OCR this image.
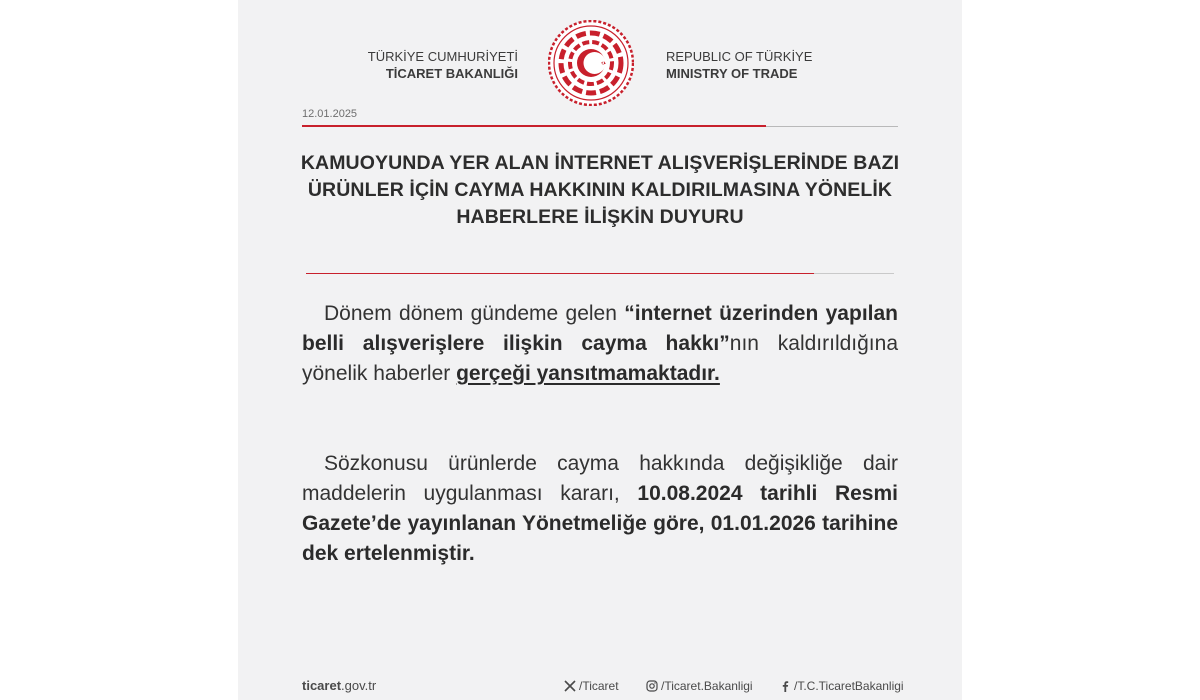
TÜRKİYE CUMHURİYETİ
TİCARET BAKANLIĞI
REPUBLIC OF TÜRKİYE
MINISTRY OF TRADE
12.01.2025
KAMUOYUNDA YER ALAN İNTERNET ALIŞVERİŞLERİNDE BAZI ÜRÜNLER İÇİN CAYMA HAKKININ KALDIRILMASINA YÖNELİK HABERLERE İLİŞKİN DUYURU
Dönem dönem gündeme gelen “internet üzerinden yapılan belli alışverişlere ilişkin cayma hakkı”nın kaldırıldığına yönelik haberler gerçeği yansıtmamaktadır.
Sözkonusu ürünlerde cayma hakkında değişikliğe dair maddelerin uygulanması kararı, 10.08.2024 tarihli Resmi Gazete’de yayınlanan Yönetmeliğe göre, 01.01.2026 tarihine dek ertelenmiştir.
ticaret.gov.tr	/Ticaret	/Ticaret.Bakanligi	/T.C.TicaretBakanligi
